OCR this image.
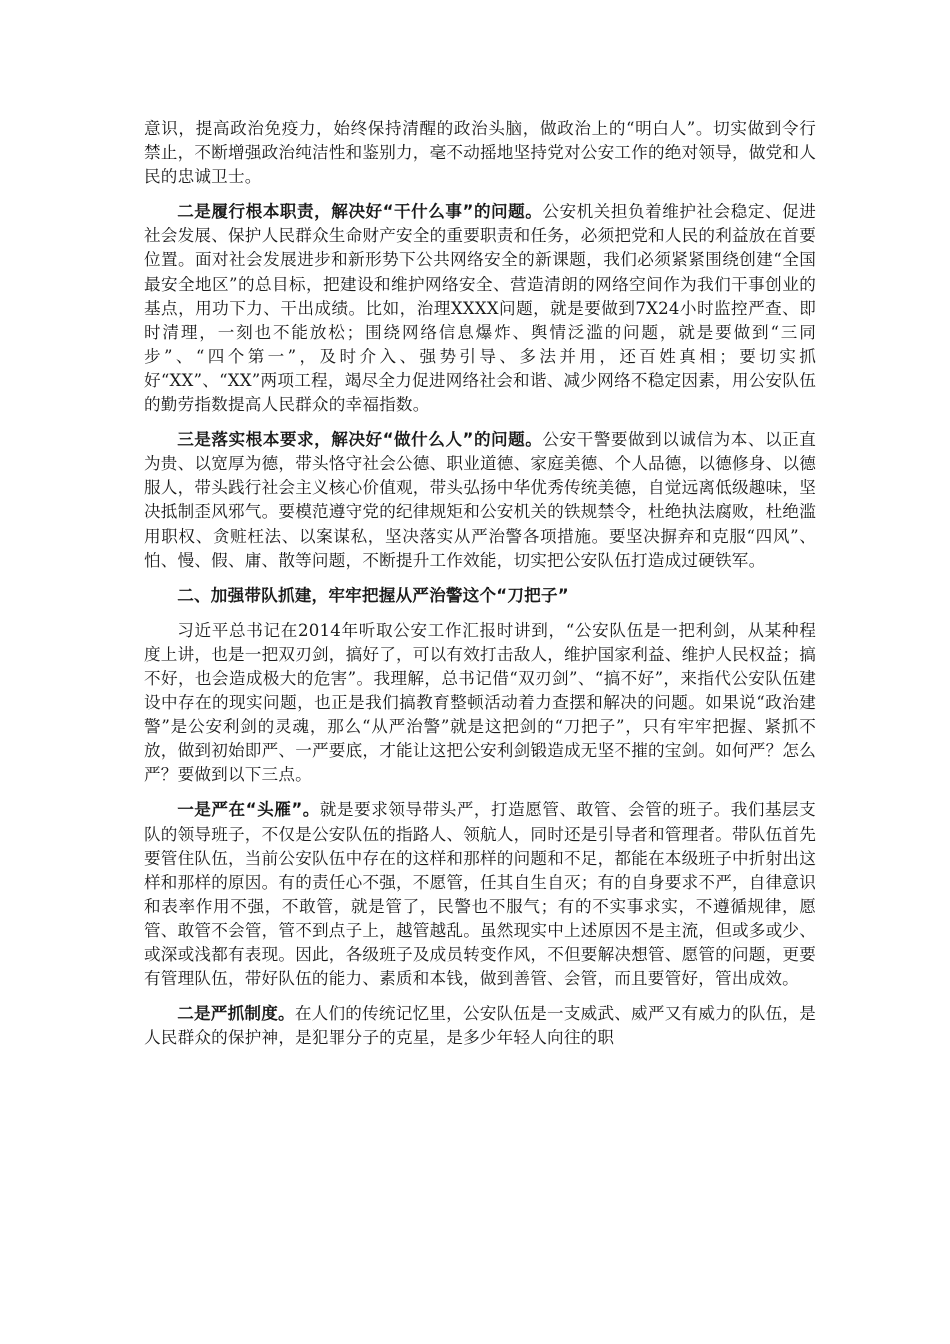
意识，提高政治免疫力，始终保持清醒的政治头脑，做政治上的“明白人”。切实做到令行禁止，不断增强政治纯洁性和鉴别力，毫不动摇地坚持党对公安工作的绝对领导，做党和人民的忠诚卫士。

二是履行根本职责，解决好“干什么事”的问题。公安机关担负着维护社会稳定、促进社会发展、保护人民群众生命财产安全的重要职责和任务，必须把党和人民的利益放在首要位置。面对社会发展进步和新形势下公共网络安全的新课题，我们必须紧紧围绕创建“全国最安全地区”的总目标，把建设和维护网络安全、营造清朗的网络空间作为我们干事创业的基点，用功下力、干出成绩。比如，治理XXXX问题，就是要做到7X24小时监控严查、即时清理，一刻也不能放松；围绕网络信息爆炸、舆情泛滥的问题，就是要做到“三同步”、“四个第一”，及时介入、强势引导、多法并用，还百姓真相；要切实抓好“XX”、“XX”两项工程，竭尽全力促进网络社会和谐、减少网络不稳定因素，用公安队伍的勤劳指数提高人民群众的幸福指数。

三是落实根本要求，解决好“做什么人”的问题。公安干警要做到以诚信为本、以正直为贵、以宽厚为德，带头恪守社会公德、职业道德、家庭美德、个人品德，以德修身、以德服人，带头践行社会主义核心价值观，带头弘扬中华优秀传统美德，自觉远离低级趣味，坚决抵制歪风邪气。要模范遵守党的纪律规矩和公安机关的铁规禁令，杜绝执法腐败，杜绝滥用职权、贪赃枉法、以案谋私，坚决落实从严治警各项措施。要坚决摒弃和克服“四风”、怕、慢、假、庸、散等问题，不断提升工作效能，切实把公安队伍打造成过硬铁军。

二、加强带队抓建，牢牢把握从严治警这个“刀把子”

习近平总书记在2014年听取公安工作汇报时讲到，“公安队伍是一把利剑，从某种程度上讲，也是一把双刃剑，搞好了，可以有效打击敌人，维护国家利益、维护人民权益；搞不好，也会造成极大的危害”。我理解，总书记借“双刃剑”、“搞不好”，来指代公安队伍建设中存在的现实问题，也正是我们搞教育整顿活动着力查摆和解决的问题。如果说“政治建警”是公安利剑的灵魂，那么“从严治警”就是这把剑的“刀把子”，只有牢牢把握、紧抓不放，做到初始即严、一严要底，才能让这把公安利剑锻造成无坚不摧的宝剑。如何严？怎么严？要做到以下三点。

一是严在“头雁”。就是要求领导带头严，打造愿管、敢管、会管的班子。我们基层支队的领导班子，不仅是公安队伍的指路人、领航人，同时还是引导者和管理者。带队伍首先要管住队伍，当前公安队伍中存在的这样和那样的问题和不足，都能在本级班子中折射出这样和那样的原因。有的责任心不强，不愿管，任其自生自灭；有的自身要求不严，自律意识和表率作用不强，不敢管，就是管了，民警也不服气；有的不实事求实，不遵循规律，愿管、敢管不会管，管不到点子上，越管越乱。虽然现实中上述原因不是主流，但或多或少、或深或浅都有表现。因此，各级班子及成员转变作风，不但要解决想管、愿管的问题，更要有管理队伍，带好队伍的能力、素质和本钱，做到善管、会管，而且要管好，管出成效。

二是严抓制度。在人们的传统记忆里，公安队伍是一支威武、威严又有威力的队伍，是人民群众的保护神，是犯罪分子的克星，是多少年轻人向往的职
